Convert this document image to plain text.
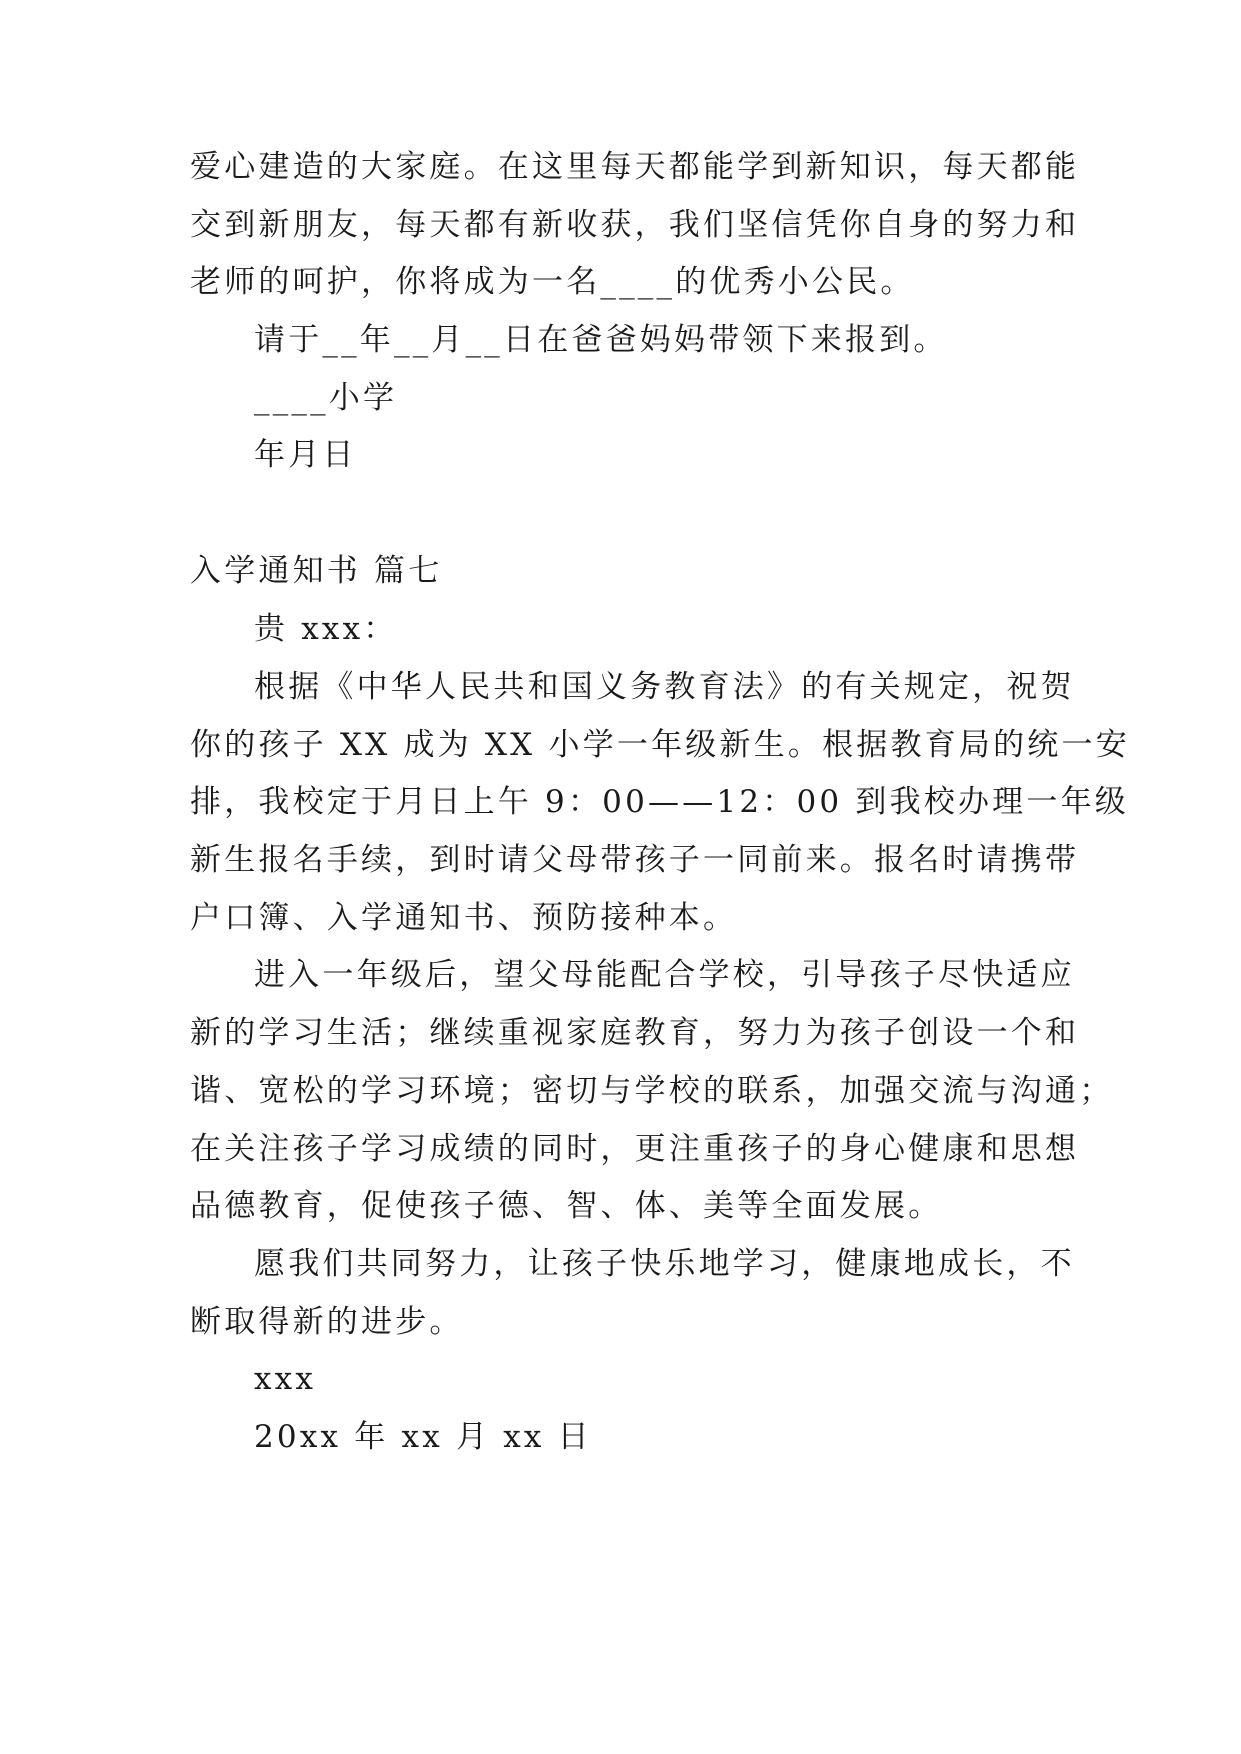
爱心建造的大家庭。在这里每天都能学到新知识，每天都能
交到新朋友，每天都有新收获，我们坚信凭你自身的努力和
老师的呵护，你将成为一名____的优秀小公民。
请于__年__月__日在爸爸妈妈带领下来报到。
____小学
年月日
入学通知书 篇七
贵 xxx：
根据《中华人民共和国义务教育法》的有关规定，祝贺
你的孩子 XX 成为 XX 小学一年级新生。根据教育局的统一安
排，我校定于月日上午 9：00——12：00 到我校办理一年级
新生报名手续，到时请父母带孩子一同前来。报名时请携带
户口簿、入学通知书、预防接种本。
进入一年级后，望父母能配合学校，引导孩子尽快适应
新的学习生活；继续重视家庭教育，努力为孩子创设一个和
谐、宽松的学习环境；密切与学校的联系，加强交流与沟通；
在关注孩子学习成绩的同时，更注重孩子的身心健康和思想
品德教育，促使孩子德、智、体、美等全面发展。
愿我们共同努力，让孩子快乐地学习，健康地成长，不
断取得新的进步。
xxx
20xx 年 xx 月 xx 日
